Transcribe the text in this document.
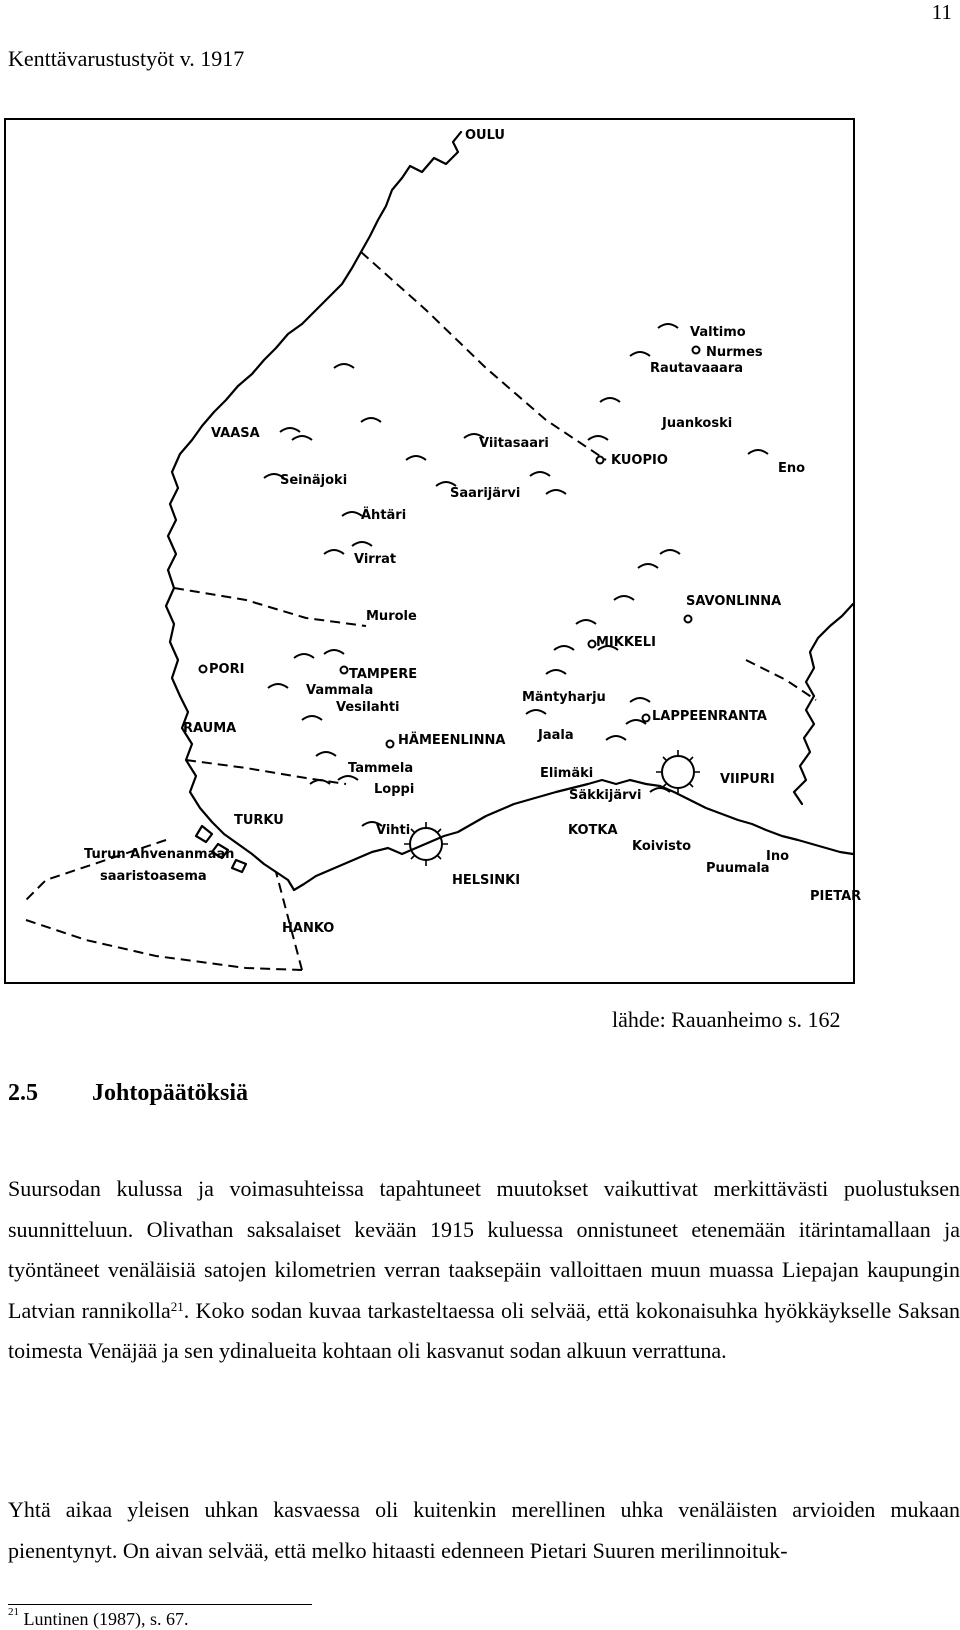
11
Kenttävarustustyöt v. 1917
OULU
Valtimo
Nurmes
Rautavaaara
Juankoski
VAASA
Viitasaari
KUOPIO
Eno
Seinäjoki
Saarijärvi
Ähtäri
Virrat
SAVONLINNA
Murole
MIKKELI
PORI	TAMPERE
Vammala
Vesilahti
Mäntyharju
LAPPEENRANTA
RAUMA
HÄMEENLINNA	Jaala
Tammela	Elimäki	VIIPURI
Loppi	Säkkijärvi
TURKU
Vihti	KOTKA
Koivisto
Turun Ahvenanmaan	Ino
saaristoasema
Puumala
HELSINKI
PIETAR
HANKO
lähde: Rauanheimo s. 162
2.5 Johtopäätöksiä
Suursodan kulussa ja voimasuhteissa tapahtuneet muutokset vaikuttivat merkittävästi puolustuksen suunnitteluun. Olivathan saksalaiset kevään 1915 kuluessa onnistuneet etenemään itärintamallaan ja työntäneet venäläisiä satojen kilometrien verran taaksepäin valloittaen muun muassa Liepajan kaupungin Latvian rannikolla$^{21}$. Koko sodan kuvaa tarkasteltaessa oli selvää, että kokonaisuhka hyökkäykselle Saksan toimesta Venäjää ja sen ydinalueita kohtaan oli kasvanut sodan alkuun verrattuna.
Yhtä aikaa yleisen uhkan kasvaessa oli kuitenkin merellinen uhka venäläisten arvioiden mukaan pienentynyt. On aivan selvää, että melko hitaasti edenneen Pietari Suuren merilinnoituk-
$^{21}$ Luntinen (1987), s. 67.
